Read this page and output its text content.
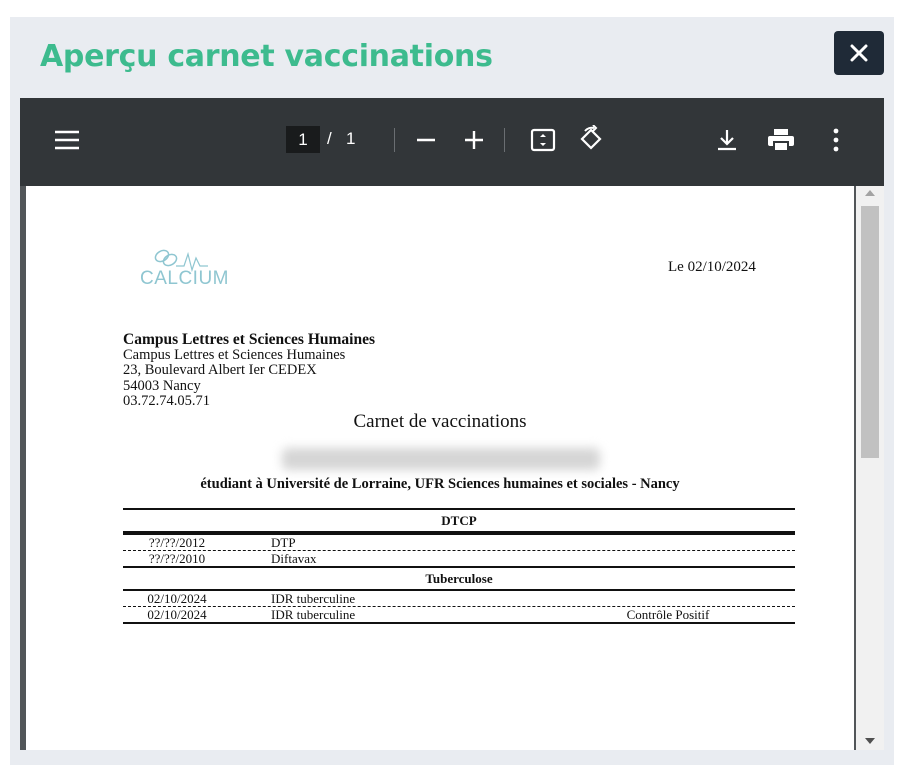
Aperçu carnet vaccinations
1	/ 1
CALCIUM
Le 02/10/2024
Campus Lettres et Sciences Humaines
Campus Lettres et Sciences Humaines
23, Boulevard Albert Ier CEDEX
54003 Nancy
03.72.74.05.71
Carnet de vaccinations
étudiant à Université de Lorraine, UFR Sciences humaines et sociales - Nancy
DTCP
??/??/2012	DTP
??/??/2010	Diftavax
Tuberculose
02/10/2024	IDR tuberculine
02/10/2024	IDR tuberculine	Contrôle Positif
